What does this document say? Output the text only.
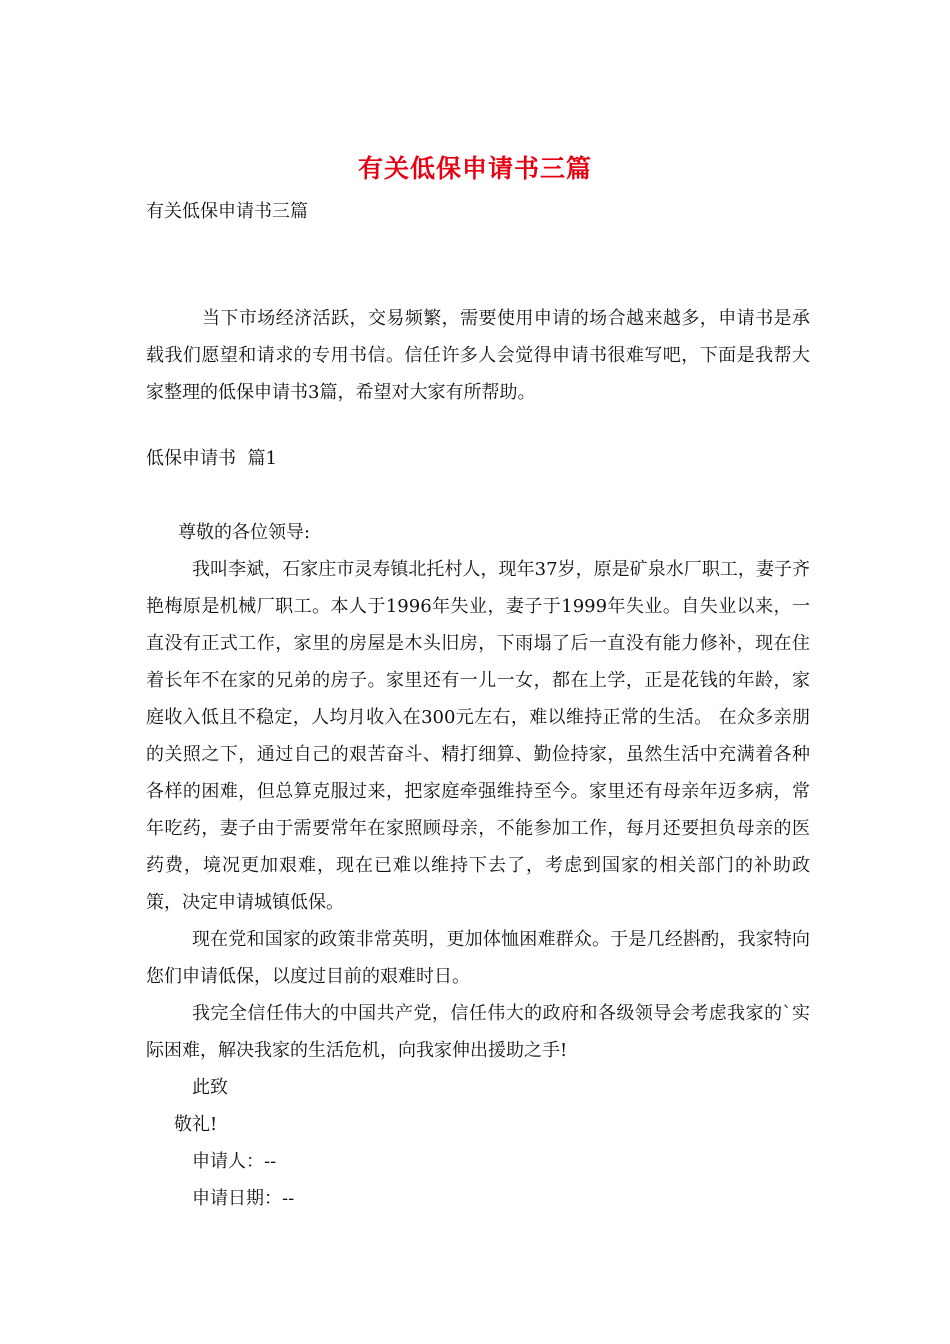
有关低保申请书三篇
有关低保申请书三篇

当下市场经济活跃，交易频繁，需要使用申请的场合越来越多，申请书是承载我们愿望和请求的专用书信。信任许多人会觉得申请书很难写吧，下面是我帮大家整理的低保申请书3篇，希望对大家有所帮助。

低保申请书  篇1

尊敬的各位领导:

我叫李斌，石家庄市灵寿镇北托村人，现年37岁，原是矿泉水厂职工，妻子齐艳梅原是机械厂职工。本人于1996年失业，妻子于1999年失业。自失业以来，一直没有正式工作，家里的房屋是木头旧房，下雨塌了后一直没有能力修补，现在住着长年不在家的兄弟的房子。家里还有一儿一女，都在上学，正是花钱的年龄，家庭收入低且不稳定，人均月收入在300元左右，难以维持正常的生活。 在众多亲朋的关照之下，通过自己的艰苦奋斗、精打细算、勤俭持家，虽然生活中充满着各种各样的困难，但总算克服过来，把家庭牵强维持至今。家里还有母亲年迈多病，常年吃药，妻子由于需要常年在家照顾母亲，不能参加工作，每月还要担负母亲的医药费，境况更加艰难，现在已难以维持下去了，考虑到国家的相关部门的补助政策，决定申请城镇低保。

现在党和国家的政策非常英明，更加体恤困难群众。于是几经斟酌，我家特向您们申请低保，以度过目前的艰难时日。

我完全信任伟大的中国共产党，信任伟大的政府和各级领导会考虑我家的`实际困难，解决我家的生活危机，向我家伸出援助之手!

此致

敬礼!

申请人：--

申请日期：--
